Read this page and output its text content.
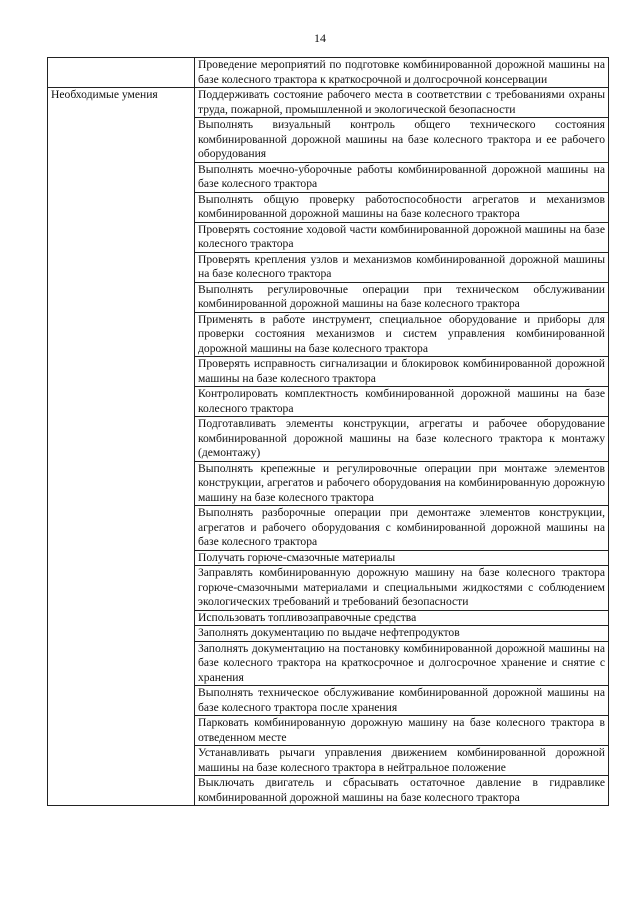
14
	Проведение мероприятий по подготовке комбинированной дорожной машины на базе колесного трактора к краткосрочной и долгосрочной консервации
Необходимые умения	Поддерживать состояние рабочего места в соответствии с требованиями охраны труда, пожарной, промышленной и экологической безопасности
	Выполнять визуальный контроль общего технического состояния комбинированной дорожной машины на базе колесного трактора и ее рабочего оборудования
	Выполнять моечно-уборочные работы комбинированной дорожной машины на базе колесного трактора
	Выполнять общую проверку работоспособности агрегатов и механизмов комбинированной дорожной машины на базе колесного трактора
	Проверять состояние ходовой части комбинированной дорожной машины на базе колесного трактора
	Проверять крепления узлов и механизмов комбинированной дорожной машины на базе колесного трактора
	Выполнять регулировочные операции при техническом обслуживании комбинированной дорожной машины на базе колесного трактора
	Применять в работе инструмент, специальное оборудование и приборы для проверки состояния механизмов и систем управления комбинированной дорожной машины на базе колесного трактора
	Проверять исправность сигнализации и блокировок комбинированной дорожной машины на базе колесного трактора
	Контролировать комплектность комбинированной дорожной машины на базе колесного трактора
	Подготавливать элементы конструкции, агрегаты и рабочее оборудование комбинированной дорожной машины на базе колесного трактора к монтажу (демонтажу)
	Выполнять крепежные и регулировочные операции при монтаже элементов конструкции, агрегатов и рабочего оборудования на комбинированную дорожную машину на базе колесного трактора
	Выполнять разборочные операции при демонтаже элементов конструкции, агрегатов и рабочего оборудования с комбинированной дорожной машины на базе колесного трактора
	Получать горюче-смазочные материалы
	Заправлять комбинированную дорожную машину на базе колесного трактора горюче-смазочными материалами и специальными жидкостями с соблюдением экологических требований и требований безопасности
	Использовать топливозаправочные средства
	Заполнять документацию по выдаче нефтепродуктов
	Заполнять документацию на постановку комбинированной дорожной машины на базе колесного трактора на краткосрочное и долгосрочное хранение и снятие с хранения
	Выполнять техническое обслуживание комбинированной дорожной машины на базе колесного трактора после хранения
	Парковать комбинированную дорожную машину на базе колесного трактора в отведенном месте
	Устанавливать рычаги управления движением комбинированной дорожной машины на базе колесного трактора в нейтральное положение
	Выключать двигатель и сбрасывать остаточное давление в гидравлике комбинированной дорожной машины на базе колесного трактора
